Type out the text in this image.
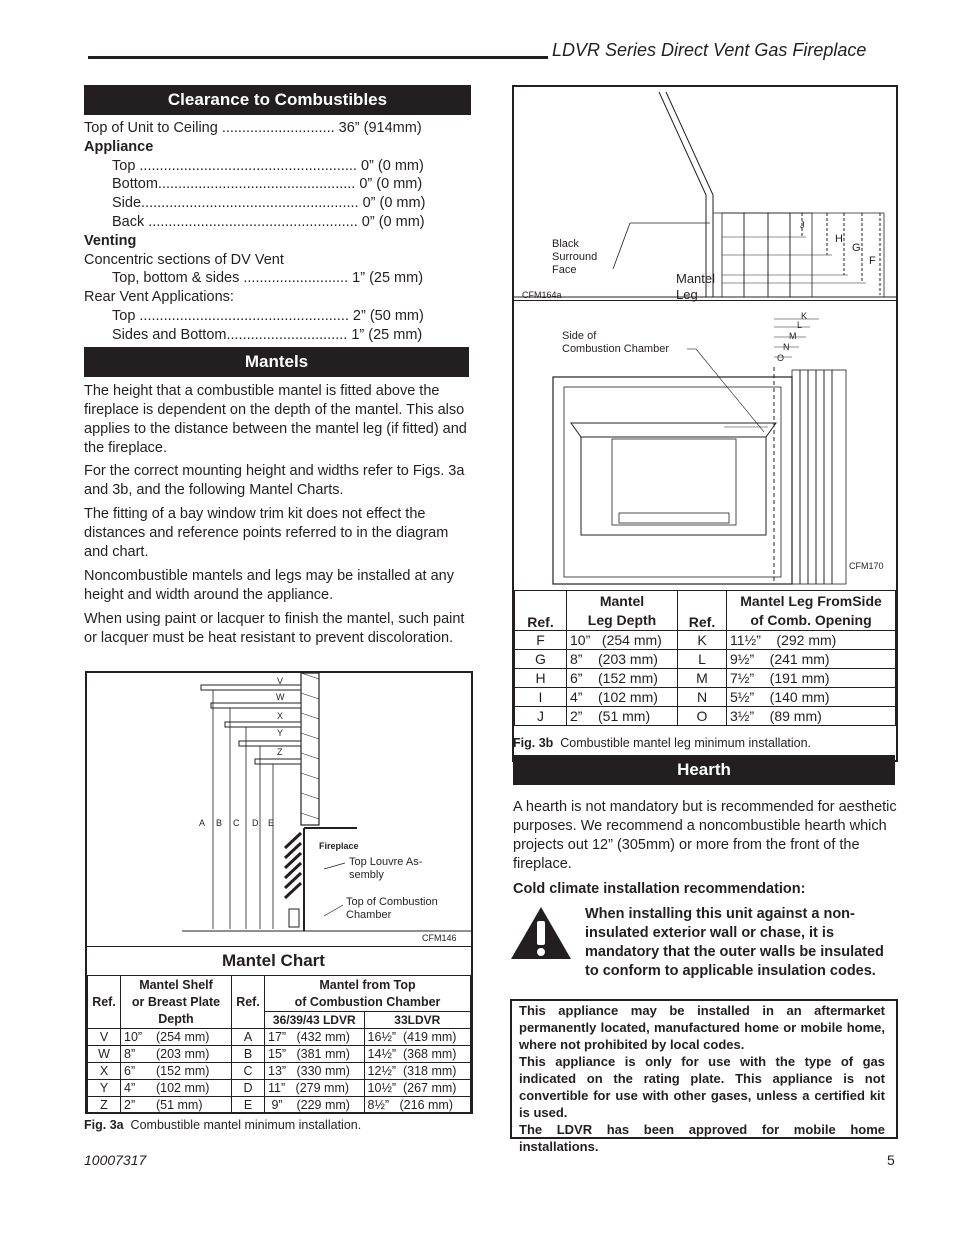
LDVR Series Direct Vent Gas Fireplace
Clearance to Combustibles
Top of Unit to Ceiling ............................ 36” (914mm)
Appliance
Top ...................................................... 0” (0 mm)
Bottom................................................. 0” (0 mm)
Side...................................................... 0” (0 mm)
Back .................................................... 0” (0 mm)
Venting
Concentric sections of DV Vent
Top, bottom & sides .......................... 1” (25 mm)
Rear Vent Applications:
Top .................................................... 2” (50 mm)
Sides and Bottom.............................. 1” (25 mm)
Mantels
The height that a combustible mantel is fitted above the fireplace is dependent on the depth of the mantel. This also applies to the distance between the mantel leg (if fitted) and the fireplace.
For the correct mounting height and widths refer to Figs. 3a and 3b, and the following Mantel Charts.
The fitting of a bay window trim kit does not effect the distances and reference points referred to in the diagram and chart.
Noncombustible mantels and legs may be installed at any height and width around the appliance.
When using paint or lacquer to finish the mantel, such paint or lacquer must be heat resistant to prevent discoloration.
V
W
X
Y
Z
A B C D E
Fireplace
Top Louvre As-
sembly
Top of Combustion
Chamber
CFM146
Mantel Chart
Ref.	Mantel Shelf
or Breast Plate
Depth	Ref.	Mantel from Top
of Combustion Chamber	

			36/39/43 LDVR	33LDVR
V	10”    (254 mm)	A	17”   (432 mm)	16½”  (419 mm)
W	8”      (203 mm)	B	15”   (381 mm)	14½”  (368 mm)
X	6”      (152 mm)	C	13”   (330 mm)	12½”  (318 mm)
Y	4”      (102 mm)	D	11”   (279 mm)	10½”  (267 mm)
Z	2”      (51 mm)	E	9”    (229 mm)	8½”   (216 mm)
Fig. 3a Combustible mantel minimum installation.
Black
Surround
Face
Mantel
Leg
CFM164a
J
H
G
F
Side of
Combustion Chamber
K
L
M
N
O
CFM170
Ref.	Mantel
Leg Depth	Ref.	Mantel Leg FromSide
of Comb. Opening
F	10”   (254 mm)	K	11½”    (292 mm)
G	8”    (203 mm)	L	9½”    (241 mm)
H	6”    (152 mm)	M	7½”    (191 mm)
I	4”    (102 mm)	N	5½”    (140 mm)
J	2”    (51 mm)	O	3½”    (89 mm)
Fig. 3b Combustible mantel leg minimum installation.
Hearth
A hearth is not mandatory but is recommended for aesthetic purposes. We recommend a noncombustible hearth which projects out 12” (305mm) or more from the front of the fireplace.
Cold climate installation recommendation:
When installing this unit against a non-insulated exterior wall or chase, it is mandatory that the outer walls be insulated to conform to applicable insulation codes.
This appliance may be installed in an aftermarket permanently located, manufactured home or mobile home, where not prohibited by local codes.
This appliance is only for use with the type of gas indicated on the rating plate. This appliance is not convertible for use with other gases, unless a certified kit is used.
The LDVR has been approved for mobile home installations.
10007317	5
